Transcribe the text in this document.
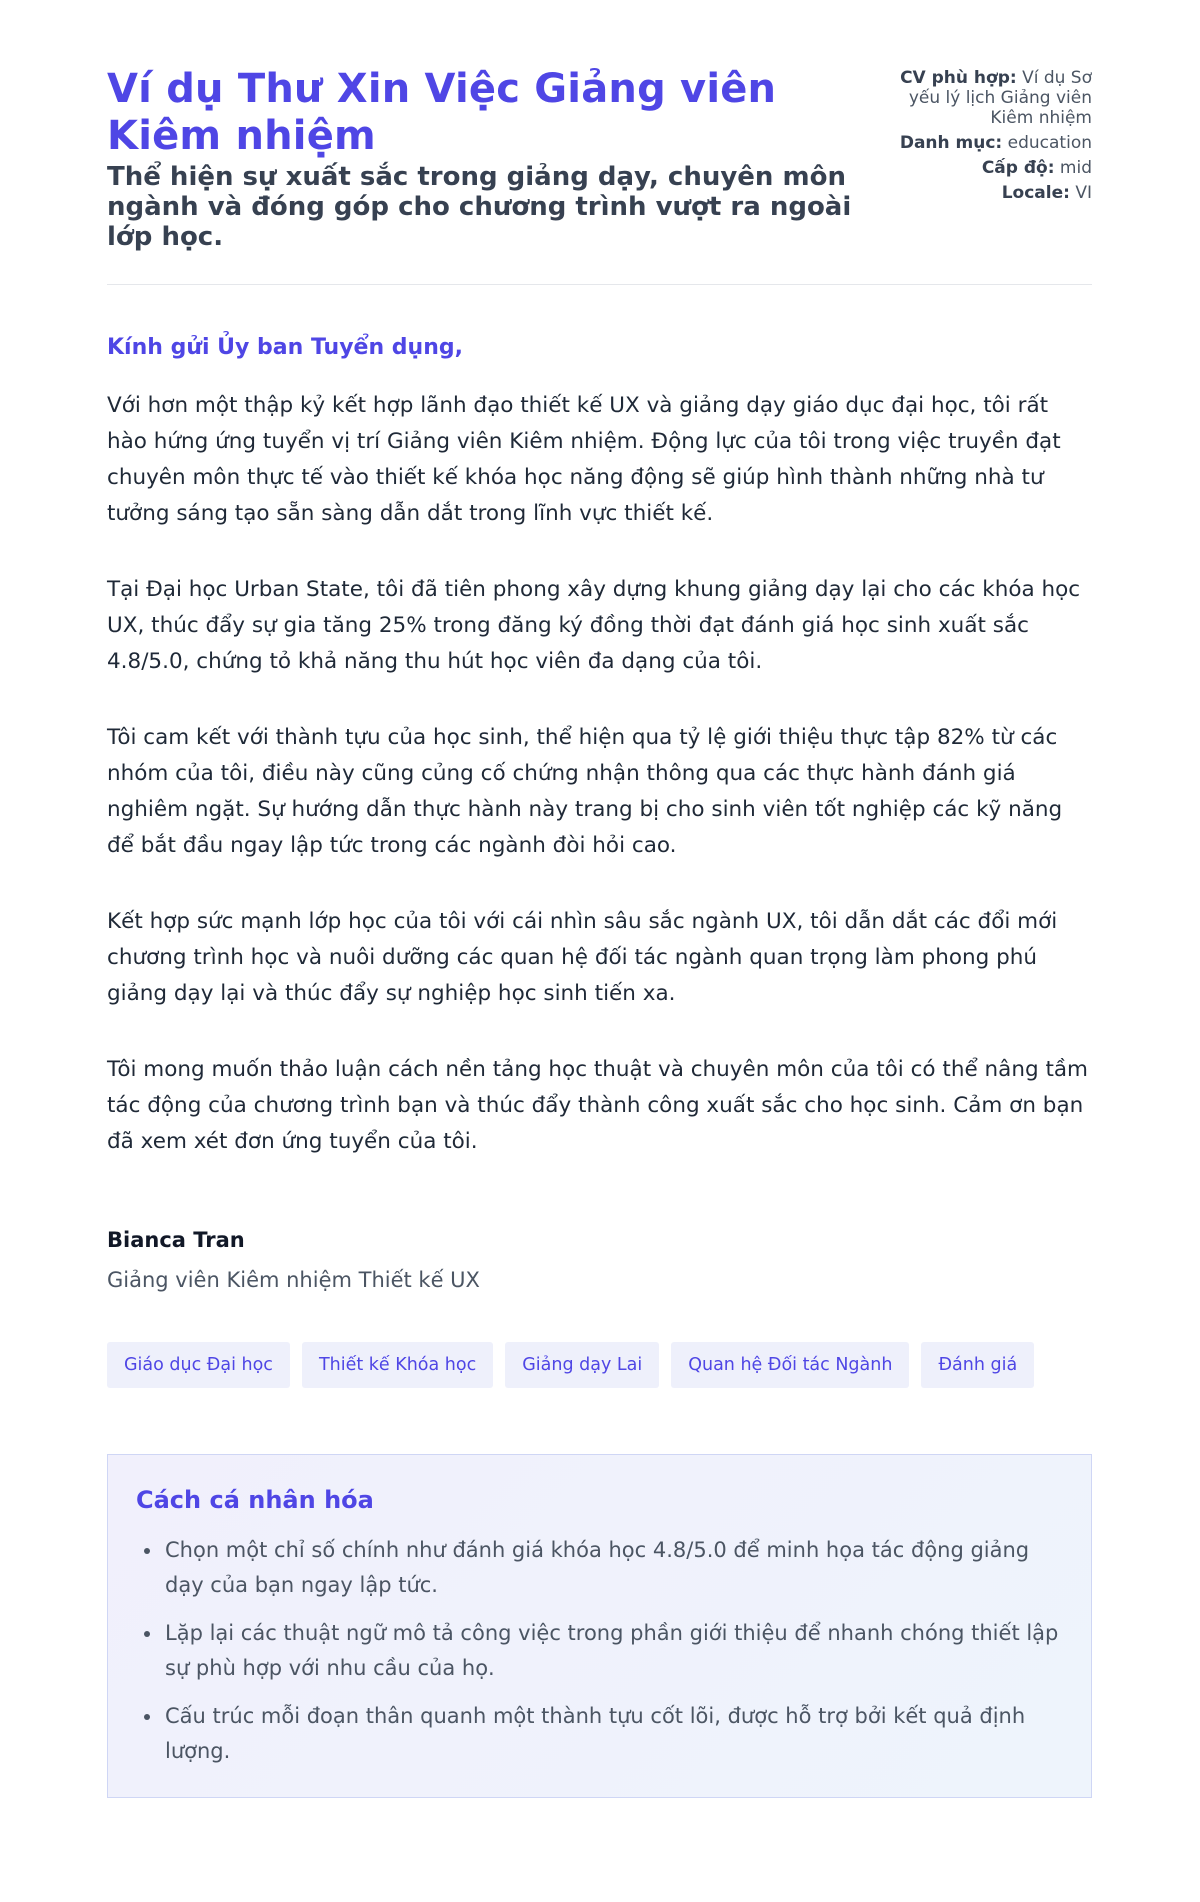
Ví dụ Thư Xin Việc Giảng viên Kiêm nhiệm

Thể hiện sự xuất sắc trong giảng dạy, chuyên môn ngành và đóng góp cho chương trình vượt ra ngoài lớp học.

CV phù hợp: Ví dụ Sơ yếu lý lịch Giảng viên Kiêm nhiệm
Danh mục: education
Cấp độ: mid
Locale: VI
Kính gửi Ủy ban Tuyển dụng,

Với hơn một thập kỷ kết hợp lãnh đạo thiết kế UX và giảng dạy giáo dục đại học, tôi rất hào hứng ứng tuyển vị trí Giảng viên Kiêm nhiệm. Động lực của tôi trong việc truyền đạt chuyên môn thực tế vào thiết kế khóa học năng động sẽ giúp hình thành những nhà tư tưởng sáng tạo sẵn sàng dẫn dắt trong lĩnh vực thiết kế.

Tại Đại học Urban State, tôi đã tiên phong xây dựng khung giảng dạy lại cho các khóa học UX, thúc đẩy sự gia tăng 25% trong đăng ký đồng thời đạt đánh giá học sinh xuất sắc 4.8/5.0, chứng tỏ khả năng thu hút học viên đa dạng của tôi.

Tôi cam kết với thành tựu của học sinh, thể hiện qua tỷ lệ giới thiệu thực tập 82% từ các nhóm của tôi, điều này cũng củng cố chứng nhận thông qua các thực hành đánh giá nghiêm ngặt. Sự hướng dẫn thực hành này trang bị cho sinh viên tốt nghiệp các kỹ năng để bắt đầu ngay lập tức trong các ngành đòi hỏi cao.

Kết hợp sức mạnh lớp học của tôi với cái nhìn sâu sắc ngành UX, tôi dẫn dắt các đổi mới chương trình học và nuôi dưỡng các quan hệ đối tác ngành quan trọng làm phong phú giảng dạy lại và thúc đẩy sự nghiệp học sinh tiến xa.

Tôi mong muốn thảo luận cách nền tảng học thuật và chuyên môn của tôi có thể nâng tầm tác động của chương trình bạn và thúc đẩy thành công xuất sắc cho học sinh. Cảm ơn bạn đã xem xét đơn ứng tuyển của tôi.

Bianca Tran
Giảng viên Kiêm nhiệm Thiết kế UX
Giáo dục Đại học	Thiết kế Khóa học	Giảng dạy Lai	Quan hệ Đối tác Ngành	Đánh giá
Cách cá nhân hóa
• Chọn một chỉ số chính như đánh giá khóa học 4.8/5.0 để minh họa tác động giảng dạy của bạn ngay lập tức.
• Lặp lại các thuật ngữ mô tả công việc trong phần giới thiệu để nhanh chóng thiết lập sự phù hợp với nhu cầu của họ.
• Cấu trúc mỗi đoạn thân quanh một thành tựu cốt lõi, được hỗ trợ bởi kết quả định lượng.
